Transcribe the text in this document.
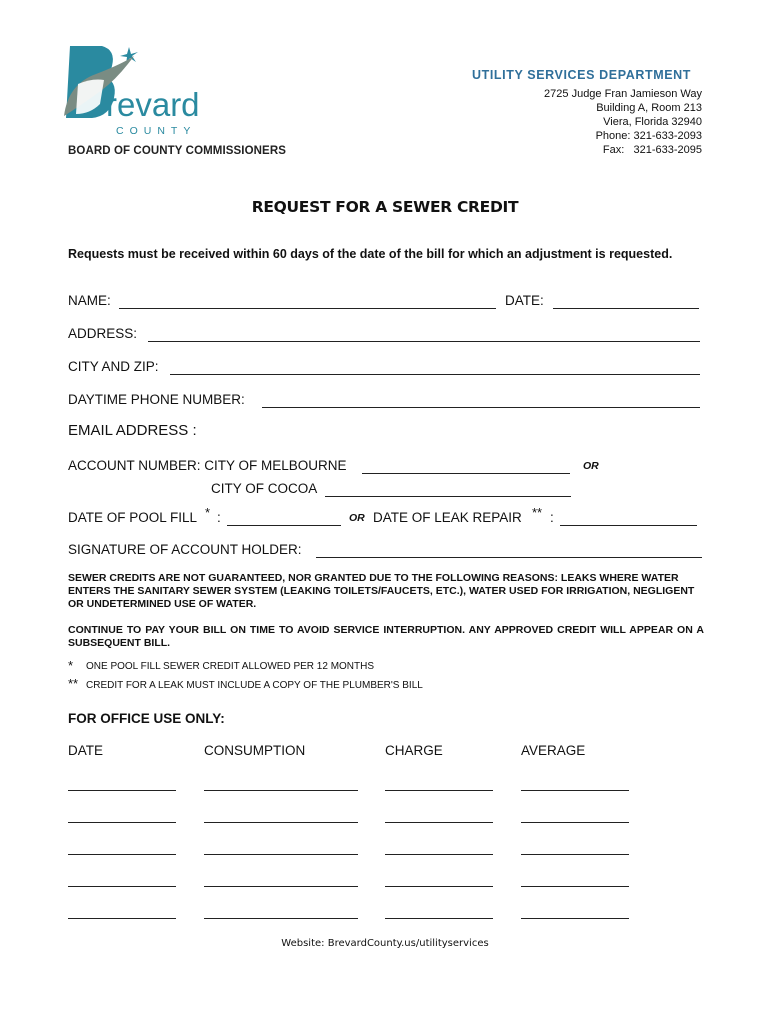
revard
COUNTY
BOARD OF COUNTY COMMISSIONERS
UTILITY SERVICES DEPARTMENT
2725 Judge Fran Jamieson Way
Building A, Room 213
Viera, Florida 32940
Phone: 321-633-2093
Fax:   321-633-2095
REQUEST FOR A SEWER CREDIT
Requests must be received within 60 days of the date of the bill for which an adjustment is requested.
NAME:	DATE:
ADDRESS:
CITY AND ZIP:
DAYTIME PHONE NUMBER:
EMAIL ADDRESS :
ACCOUNT NUMBER: CITY OF MELBOURNE	OR
CITY OF COCOA
DATE OF POOL FILL * :	OR DATE OF LEAK REPAIR ** :
SIGNATURE OF ACCOUNT HOLDER:
SEWER CREDITS ARE NOT GUARANTEED, NOR GRANTED DUE TO THE FOLLOWING REASONS: LEAKS WHERE WATER ENTERS THE SANITARY SEWER SYSTEM (LEAKING TOILETS/FAUCETS, ETC.), WATER USED FOR IRRIGATION, NEGLIGENT OR UNDETERMINED USE OF WATER.
CONTINUE TO PAY YOUR BILL ON TIME TO AVOID SERVICE INTERRUPTION. ANY APPROVED CREDIT WILL APPEAR ON A SUBSEQUENT BILL.
* ONE POOL FILL SEWER CREDIT ALLOWED PER 12 MONTHS
** CREDIT FOR A LEAK MUST INCLUDE A COPY OF THE PLUMBER'S BILL
FOR OFFICE USE ONLY:
DATE	CONSUMPTION	CHARGE	AVERAGE
Website: BrevardCounty.us/utilityservices
